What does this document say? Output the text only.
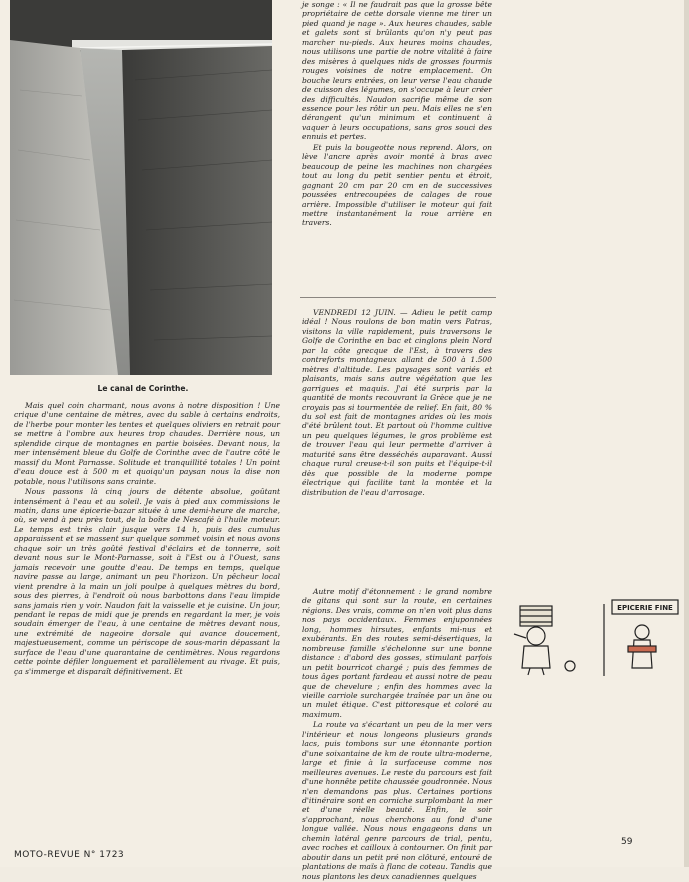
Le canal de Corinthe.

Mais quel coin charmant, nous avons à notre disposition ! Une crique d'une centaine de mètres, avec du sable à certains endroits, de l'herbe pour monter les tentes et quelques oliviers en retrait pour se mettre à l'ombre aux heures trop chaudes. Derrière nous, un splendide cirque de montagnes en partie boisées. Devant nous, la mer intensément bleue du Golfe de Corinthe avec de l'autre côté le massif du Mont Parnasse. Solitude et tranquillité totales ! Un point d'eau douce est à 500 m et quoiqu'un paysan nous la dise non potable, nous l'utilisons sans crainte.

Nous passons là cinq jours de détente absolue, goûtant intensément à l'eau et au soleil. Je vais à pied aux commissions le matin, dans une épicerie-bazar située à une demi-heure de marche, où, se vend à peu près tout, de la boîte de Nescafé à l'huile moteur. Le temps est très clair jusque vers 14 h, puis des cumulus apparaissent et se massent sur quelque sommet voisin et nous avons chaque soir un très goûté festival d'éclairs et de tonnerre, soit devant nous sur le Mont-Parnasse, soit à l'Est ou à l'Ouest, sans jamais recevoir une goutte d'eau. De temps en temps, quelque navire passe au large, animant un peu l'horizon. Un pêcheur local vient prendre à la main un joli poulpe à quelques mètres du bord, sous des pierres, à l'endroit où nous barbottons dans l'eau limpide sans jamais rien y voir. Naudon fait la vaisselle et je cuisine. Un jour, pendant le repas de midi que je prends en regardant la mer, je vois soudain émerger de l'eau, à une centaine de mètres devant nous, une extrémité de nageoire dorsale qui avance doucement, majestueusement, comme un périscope de sous-marin dépassant la surface de l'eau d'une quarantaine de centimètres. Nous regardons cette pointe défiler longuement et parallèlement au rivage. Et puis, ça s'immerge et disparaît définitivement. Et

je songe : « Il ne faudrait pas que la grosse bête propriétaire de cette dorsale vienne me tirer un pied quand je nage ». Aux heures chaudes, sable et galets sont si brûlants qu'on n'y peut pas marcher nu-pieds. Aux heures moins chaudes, nous utilisons une partie de notre vitalité à faire des misères à quelques nids de grosses fourmis rouges voisines de notre emplacement. On bouche leurs entrées, on leur verse l'eau chaude de cuisson des légumes, on s'occupe à leur créer des difficultés. Naudon sacrifie même de son essence pour les rôtir un peu. Mais elles ne s'en dérangent qu'un minimum et continuent à vaquer à leurs occupations, sans gros souci des ennuis et pertes.

Et puis la bougeotte nous reprend. Alors, on lève l'ancre après avoir monté à bras avec beaucoup de peine les machines non chargées tout au long du petit sentier pentu et étroit, gagnant 20 cm par 20 cm en de successives poussées entrecoupées de calages de roue arrière. Impossible d'utiliser le moteur qui fait mettre instantanément la roue arrière en travers.

VENDREDI 12 JUIN. — Adieu le petit camp idéal ! Nous roulons de bon matin vers Patras, visitons la ville rapidement, puis traversons le Golfe de Corinthe en bac et cinglons plein Nord par la côte grecque de l'Est, à travers des contreforts montagneux allant de 500 à 1.500 mètres d'altitude. Les paysages sont variés et plaisants, mais sans autre végétation que les garrigues et maquis. J'ai été surpris par la quantité de monts recouvrant la Grèce que je ne croyais pas si tourmentée de relief. En fait, 80 % du sol est fait de montagnes arides où les mois d'été brûlent tout. Et partout où l'homme cultive un peu quelques légumes, le gros problème est de trouver l'eau qui leur permette d'arriver à maturité sans être desséchés auparavant. Aussi chaque rural creuse-t-il son puits et l'équipe-t-il dès que possible de la moderne pompe électrique qui facilite tant la montée et la distribution de l'eau d'arrosage.

Autre motif d'étonnement : le grand nombre de gitans qui sont sur la route, en certaines régions. Des vrais, comme on n'en voit plus dans nos pays occidentaux. Femmes enjuponnées long, hommes hirsutes, enfants mi-nus et exubérants. En des routes semi-désertiques, la nombreuse famille s'échelonne sur une bonne distance : d'abord des gosses, stimulant parfois un petit bourricot chargé ; puis des femmes de tous âges portant fardeau et aussi notre de peau que de chevelure ; enfin des hommes avec la vieille carriole surchargée traînée par un âne ou un mulet étique. C'est pittoresque et coloré au maximum.

La route va s'écartant un peu de la mer vers l'intérieur et nous longeons plusieurs grands lacs, puis tombons sur une étonnante portion d'une soixantaine de km de route ultra-moderne, large et finie à la surfaceuse comme nos meilleures avenues. Le reste du parcours est fait d'une honnête petite chaussée goudronnée. Nous n'en demandons pas plus. Certaines portions d'itinéraire sont en corniche surplombant la mer et d'une réelle beauté. Enfin, le soir s'approchant, nous cherchons au fond d'une longue vallée. Nous nous engageons dans un chemin latéral genre parcours de trial, pentu, avec roches et cailloux à contourner. On finit par aboutir dans un petit pré non clôturé, entouré de plantations de maïs à flanc de coteau. Tandis que nous plantons les deux canadiennes quelques

EPICERIE FINE
MOTO-REVUE N° 1723
59
